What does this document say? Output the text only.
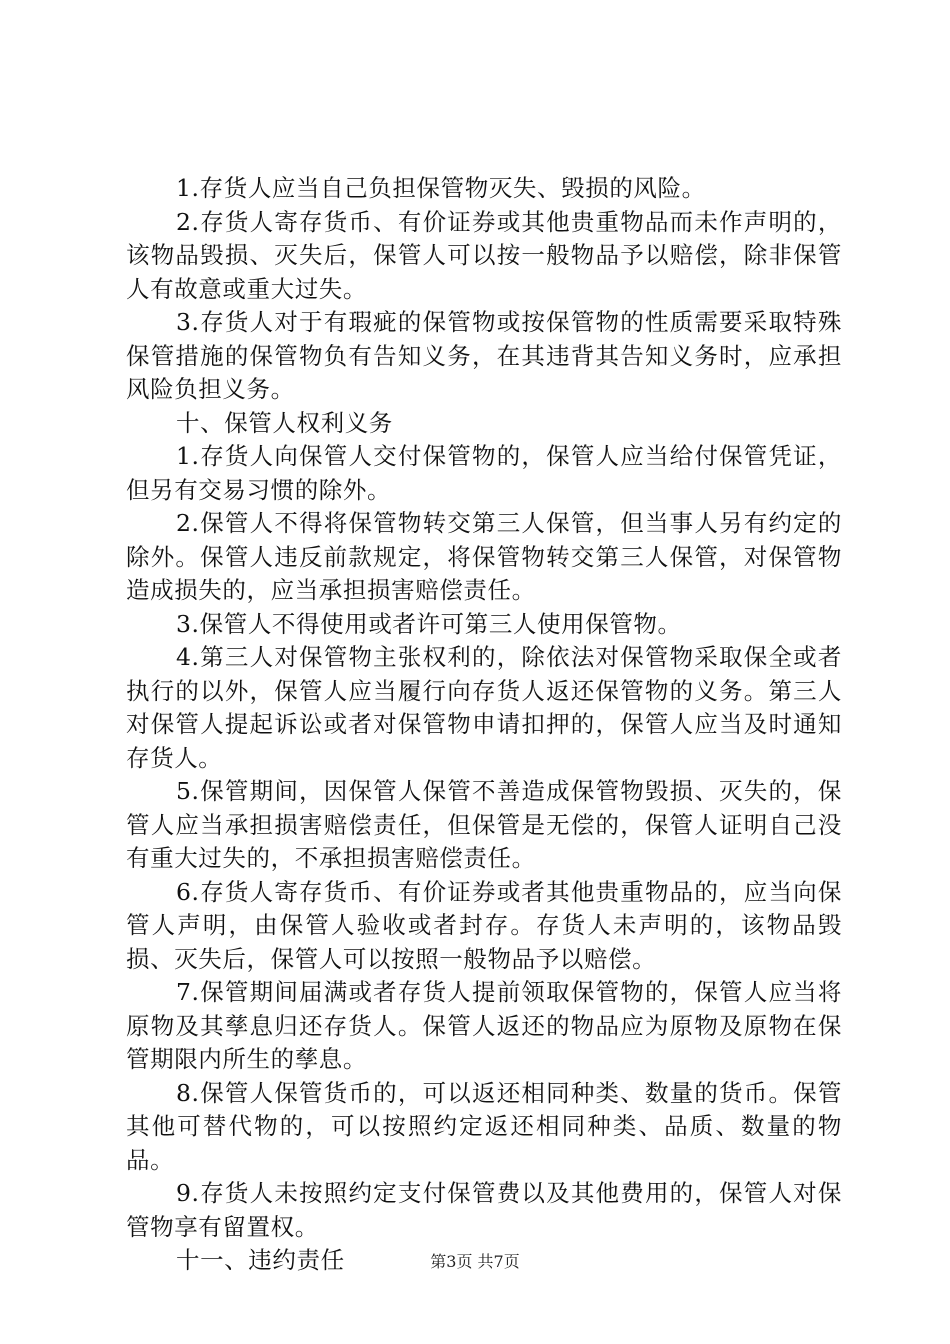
1.存货人应当自己负担保管物灭失、毁损的风险。

2.存货人寄存货币、有价证券或其他贵重物品而未作声明的，该物品毁损、灭失后，保管人可以按一般物品予以赔偿，除非保管人有故意或重大过失。

3.存货人对于有瑕疵的保管物或按保管物的性质需要采取特殊保管措施的保管物负有告知义务，在其违背其告知义务时，应承担风险负担义务。

十、保管人权利义务

1.存货人向保管人交付保管物的，保管人应当给付保管凭证，但另有交易习惯的除外。

2.保管人不得将保管物转交第三人保管，但当事人另有约定的除外。保管人违反前款规定，将保管物转交第三人保管，对保管物造成损失的，应当承担损害赔偿责任。

3.保管人不得使用或者许可第三人使用保管物。

4.第三人对保管物主张权利的，除依法对保管物采取保全或者执行的以外，保管人应当履行向存货人返还保管物的义务。第三人对保管人提起诉讼或者对保管物申请扣押的，保管人应当及时通知存货人。

5.保管期间，因保管人保管不善造成保管物毁损、灭失的，保管人应当承担损害赔偿责任，但保管是无偿的，保管人证明自己没有重大过失的，不承担损害赔偿责任。

6.存货人寄存货币、有价证券或者其他贵重物品的，应当向保管人声明，由保管人验收或者封存。存货人未声明的，该物品毁损、灭失后，保管人可以按照一般物品予以赔偿。

7.保管期间届满或者存货人提前领取保管物的，保管人应当将原物及其孳息归还存货人。保管人返还的物品应为原物及原物在保管期限内所生的孳息。

8.保管人保管货币的，可以返还相同种类、数量的货币。保管其他可替代物的，可以按照约定返还相同种类、品质、数量的物品。

9.存货人未按照约定支付保管费以及其他费用的，保管人对保管物享有留置权。

十一、违约责任	第3页 共7页
